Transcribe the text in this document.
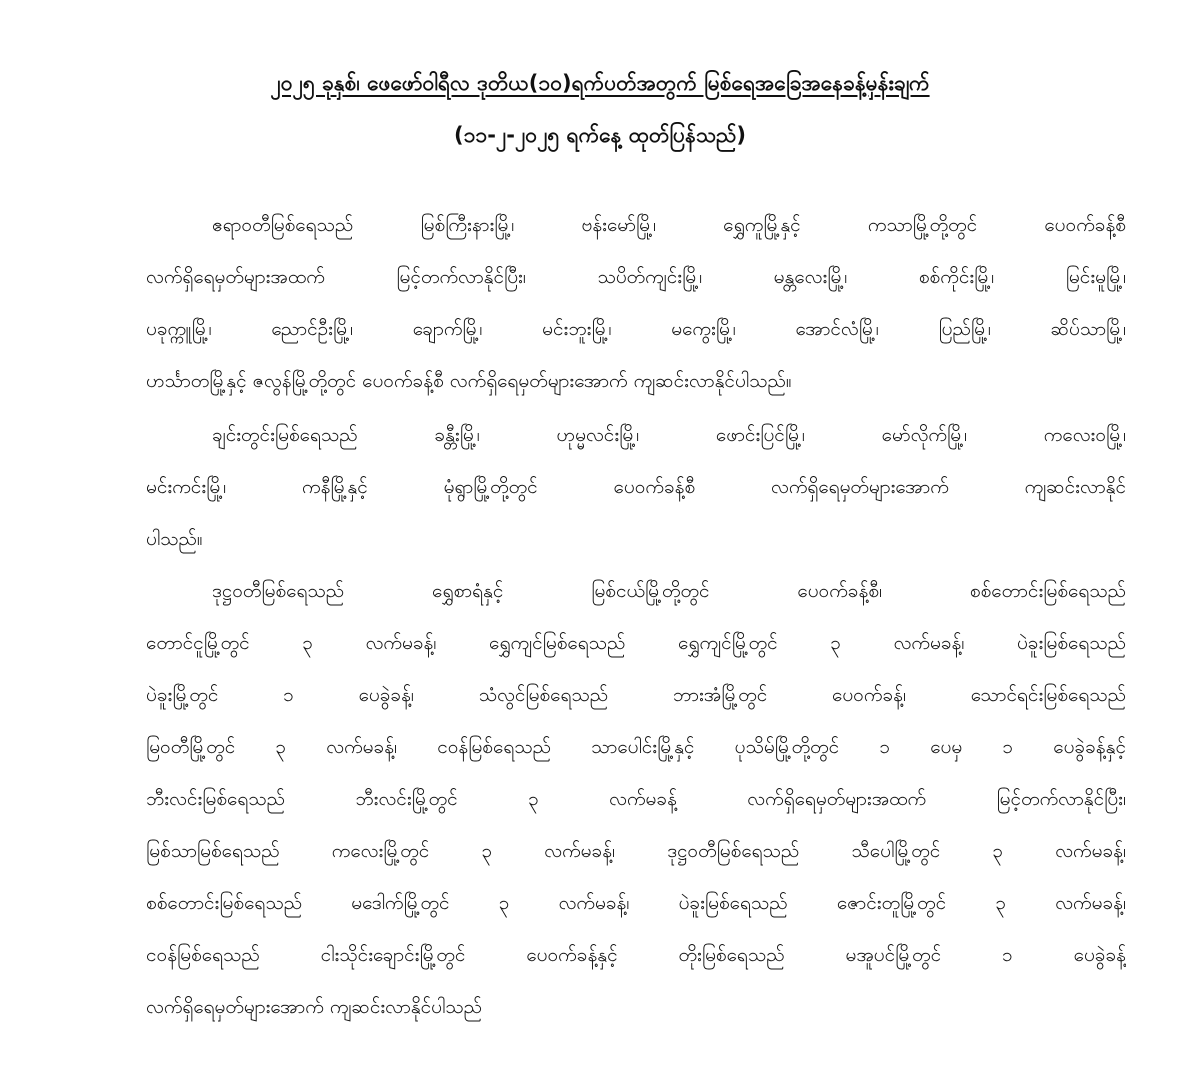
၂၀၂၅ ခုနှစ်၊ ဖေဖော်ဝါရီလ ဒုတိယ(၁၀)ရက်ပတ်အတွက် မြစ်ရေအခြေအနေခန့်မှန်းချက်
(၁၁-၂-၂၀၂၅ ရက်နေ့ ထုတ်ပြန်သည်)
ဧရာဝတီမြစ်ရေသည် မြစ်ကြီးနားမြို့၊ ဗန်းမော်မြို့၊ ရွှေကူမြို့နှင့် ကသာမြို့တို့တွင် ပေဝက်ခန့်စီ
လက်ရှိရေမှတ်များအထက် မြင့်တက်လာနိုင်ပြီး၊ သပိတ်ကျင်းမြို့၊ မန္တလေးမြို့၊ စစ်ကိုင်းမြို့၊ မြင်းမူမြို့၊
ပခုက္ကူမြို့၊ ညောင်ဦးမြို့၊ ချောက်မြို့၊ မင်းဘူးမြို့၊ မကွေးမြို့၊ အောင်လံမြို့၊ ပြည်မြို့၊ ဆိပ်သာမြို့၊
ဟင်္သာတမြို့နှင့် ဇလွန်မြို့တို့တွင် ပေဝက်ခန့်စီ လက်ရှိရေမှတ်များအောက် ကျဆင်းလာနိုင်ပါသည်။
ချင်းတွင်းမြစ်ရေသည် ခန္တီးမြို့၊ ဟုမ္မလင်းမြို့၊ ဖောင်းပြင်မြို့၊ မော်လိုက်မြို့၊ ကလေးဝမြို့၊
မင်းကင်းမြို့၊ ကနီမြို့နှင့် မုံရွာမြို့တို့တွင် ပေဝက်ခန့်စီ လက်ရှိရေမှတ်များအောက် ကျဆင်းလာနိုင်
ပါသည်။
ဒုဋ္ဌဝတီမြစ်ရေသည် ရွှေစာရံနှင့် မြစ်ငယ်မြို့တို့တွင် ပေဝက်ခန့်စီ၊ စစ်တောင်းမြစ်ရေသည်
တောင်ငူမြို့တွင် ၃ လက်မခန့်၊ ရွှေကျင်မြစ်ရေသည် ရွှေကျင်မြို့တွင် ၃ လက်မခန့်၊ ပဲခူးမြစ်ရေသည်
ပဲခူးမြို့တွင် ၁ ပေခွဲခန့်၊ သံလွင်မြစ်ရေသည် ဘားအံမြို့တွင် ပေဝက်ခန့်၊ သောင်ရင်းမြစ်ရေသည်
မြဝတီမြို့တွင် ၃ လက်မခန့်၊ ငဝန်မြစ်ရေသည် သာပေါင်းမြို့နှင့် ပုသိမ်မြို့တို့တွင် ၁ ပေမှ ၁ ပေခွဲခန့်နှင့်
ဘီးလင်းမြစ်ရေသည် ဘီးလင်းမြို့တွင် ၃ လက်မခန့် လက်ရှိရေမှတ်များအထက် မြင့်တက်လာနိုင်ပြီး၊
မြစ်သာမြစ်ရေသည် ကလေးမြို့တွင် ၃ လက်မခန့်၊ ဒုဋ္ဌဝတီမြစ်ရေသည် သီပေါမြို့တွင် ၃ လက်မခန့်၊
စစ်တောင်းမြစ်ရေသည် မဒေါက်မြို့တွင် ၃ လက်မခန့်၊ ပဲခူးမြစ်ရေသည် ဇောင်းတူမြို့တွင် ၃ လက်မခန့်၊
ငဝန်မြစ်ရေသည် ငါးသိုင်းချောင်းမြို့တွင် ပေဝက်ခန့်နှင့် တိုးမြစ်ရေသည် မအူပင်မြို့တွင် ၁ ပေခွဲခန့်
လက်ရှိရေမှတ်များအောက် ကျဆင်းလာနိုင်ပါသည်
